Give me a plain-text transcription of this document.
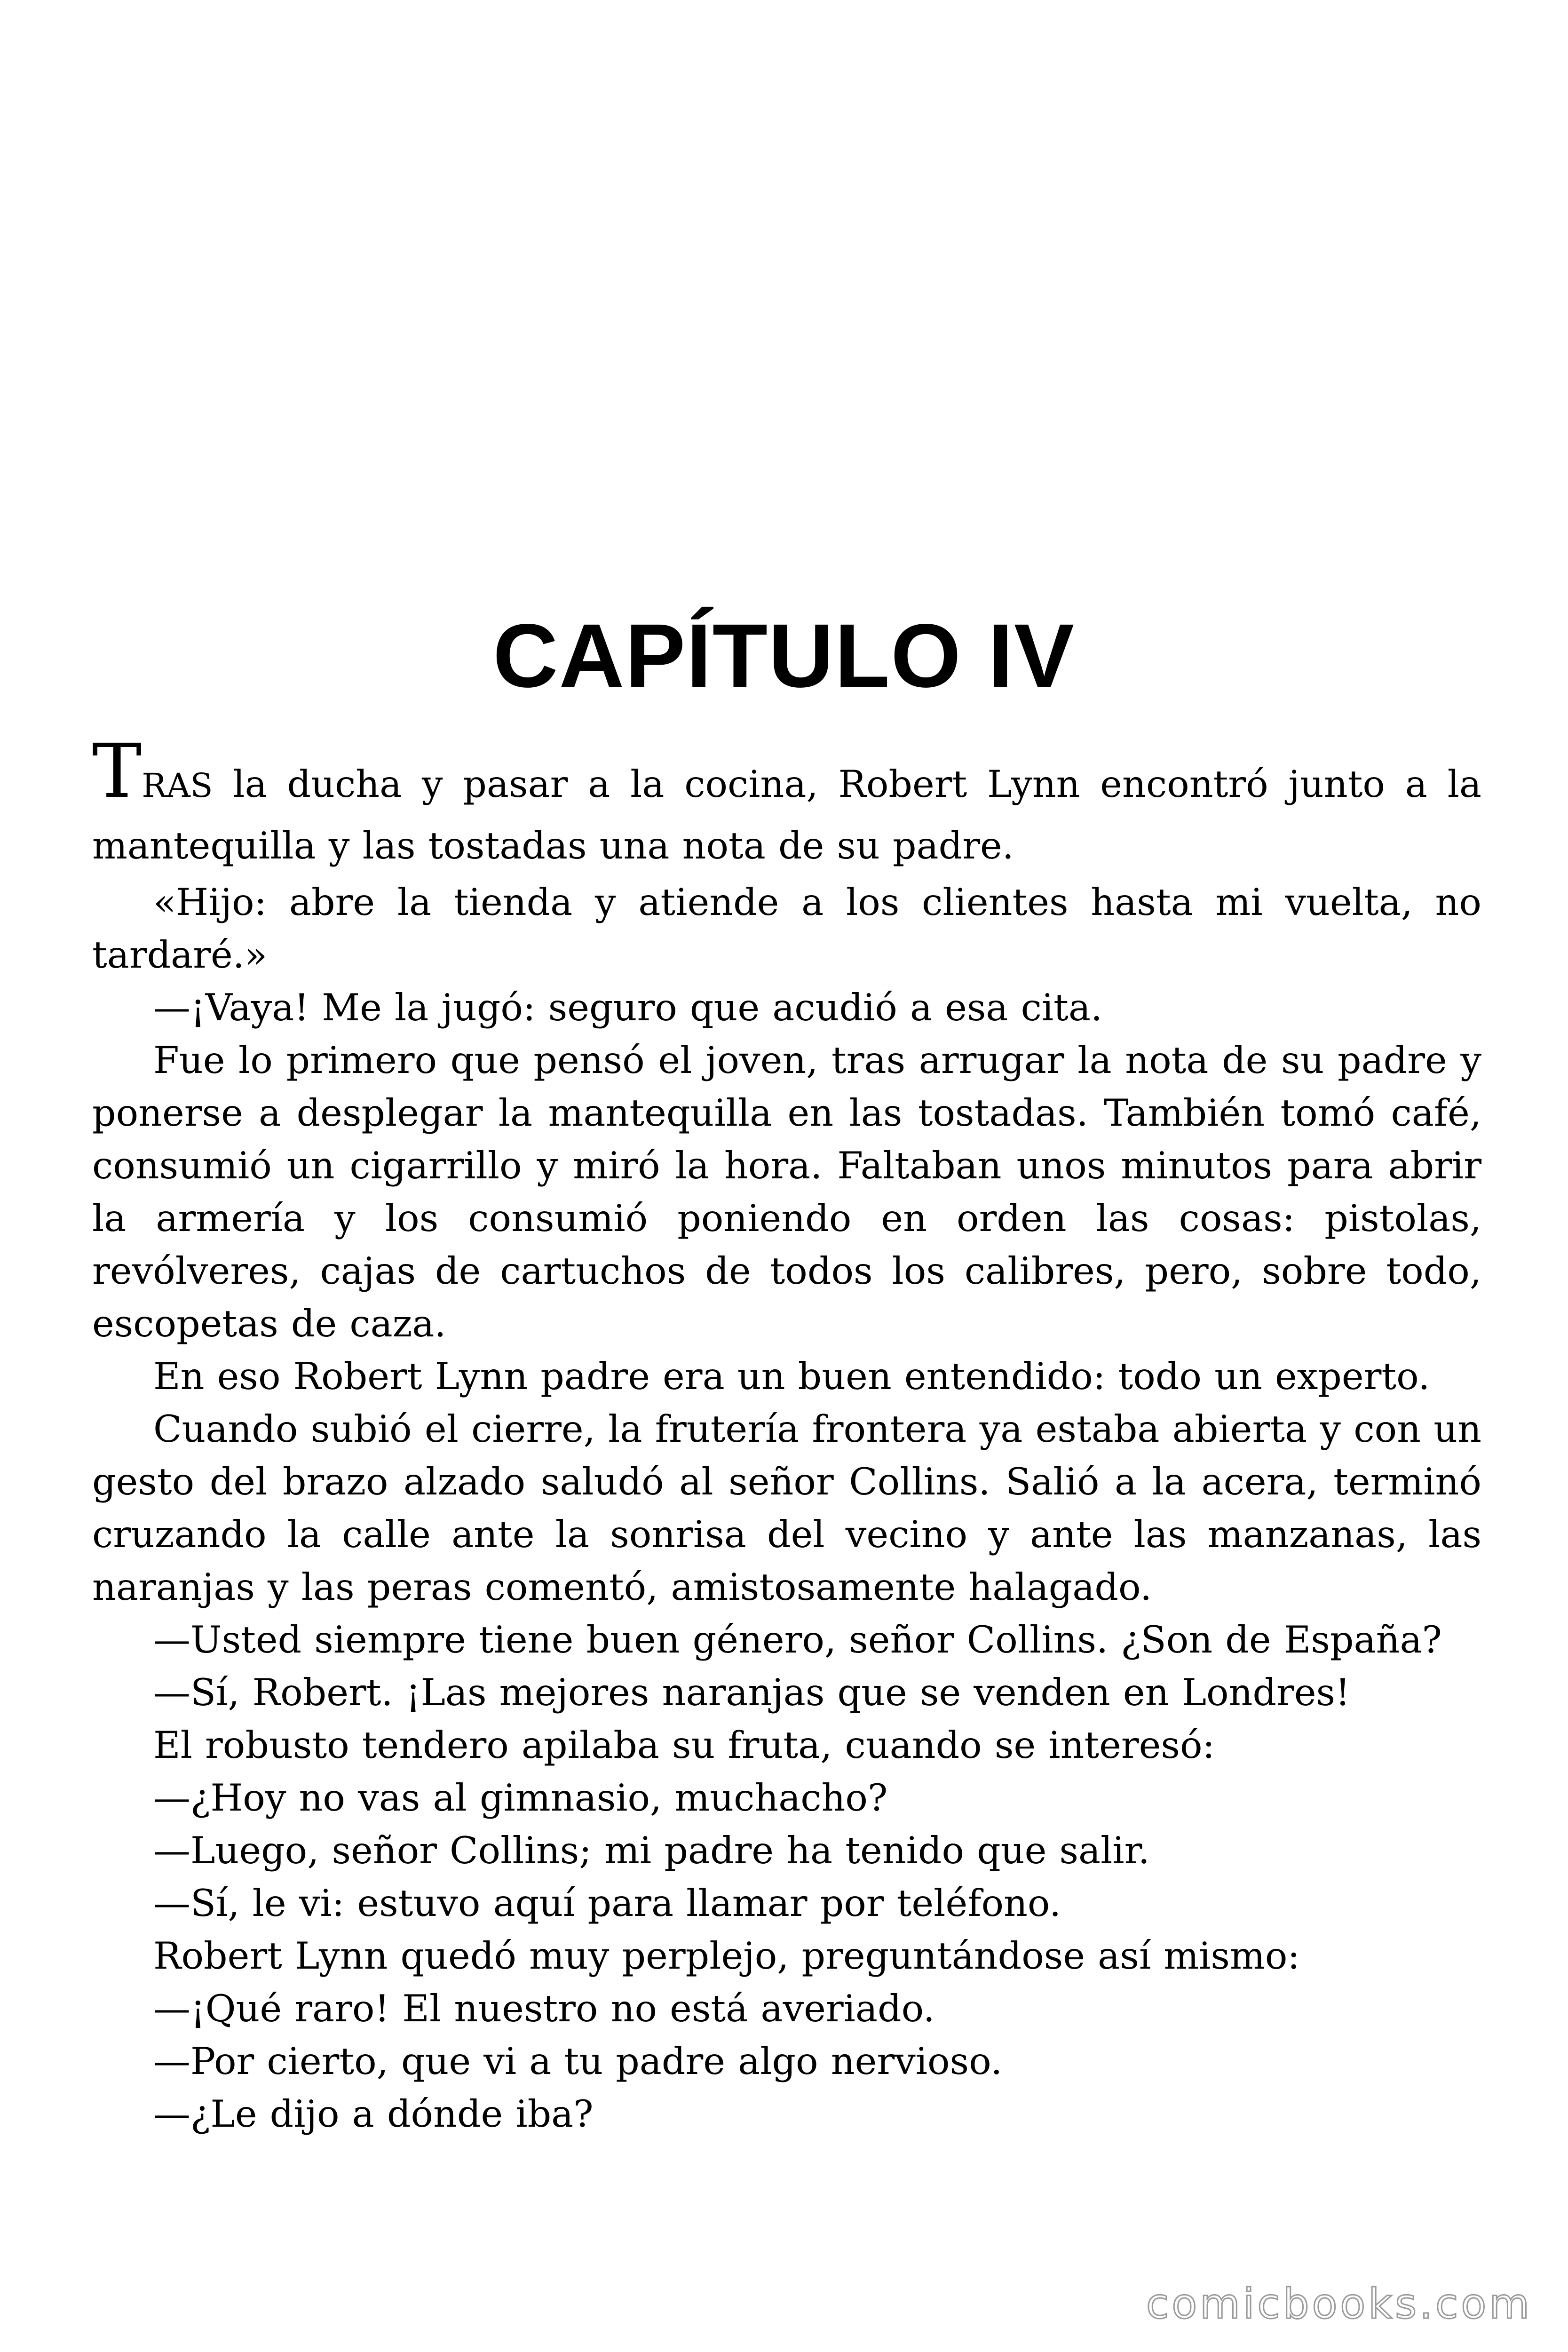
CAPÍTULO IV

TRAS la ducha y pasar a la cocina, Robert Lynn encontró junto a la mantequilla y las tostadas una nota de su padre.

«Hijo: abre la tienda y atiende a los clientes hasta mi vuelta, no tardaré.»

—¡Vaya! Me la jugó: seguro que acudió a esa cita.

Fue lo primero que pensó el joven, tras arrugar la nota de su padre y ponerse a desplegar la mantequilla en las tostadas. También tomó café, consumió un cigarrillo y miró la hora. Faltaban unos minutos para abrir la armería y los consumió poniendo en orden las cosas: pistolas, revólveres, cajas de cartuchos de todos los calibres, pero, sobre todo, escopetas de caza.

En eso Robert Lynn padre era un buen entendido: todo un experto.

Cuando subió el cierre, la frutería frontera ya estaba abierta y con un gesto del brazo alzado saludó al señor Collins. Salió a la acera, terminó cruzando la calle ante la sonrisa del vecino y ante las manzanas, las naranjas y las peras comentó, amistosamente halagado.

—Usted siempre tiene buen género, señor Collins. ¿Son de España?

—Sí, Robert. ¡Las mejores naranjas que se venden en Londres!

El robusto tendero apilaba su fruta, cuando se interesó:

—¿Hoy no vas al gimnasio, muchacho?

—Luego, señor Collins; mi padre ha tenido que salir.

—Sí, le vi: estuvo aquí para llamar por teléfono.

Robert Lynn quedó muy perplejo, preguntándose así mismo:

—¡Qué raro! El nuestro no está averiado.

—Por cierto, que vi a tu padre algo nervioso.

—¿Le dijo a dónde iba?

comicbooks.com
